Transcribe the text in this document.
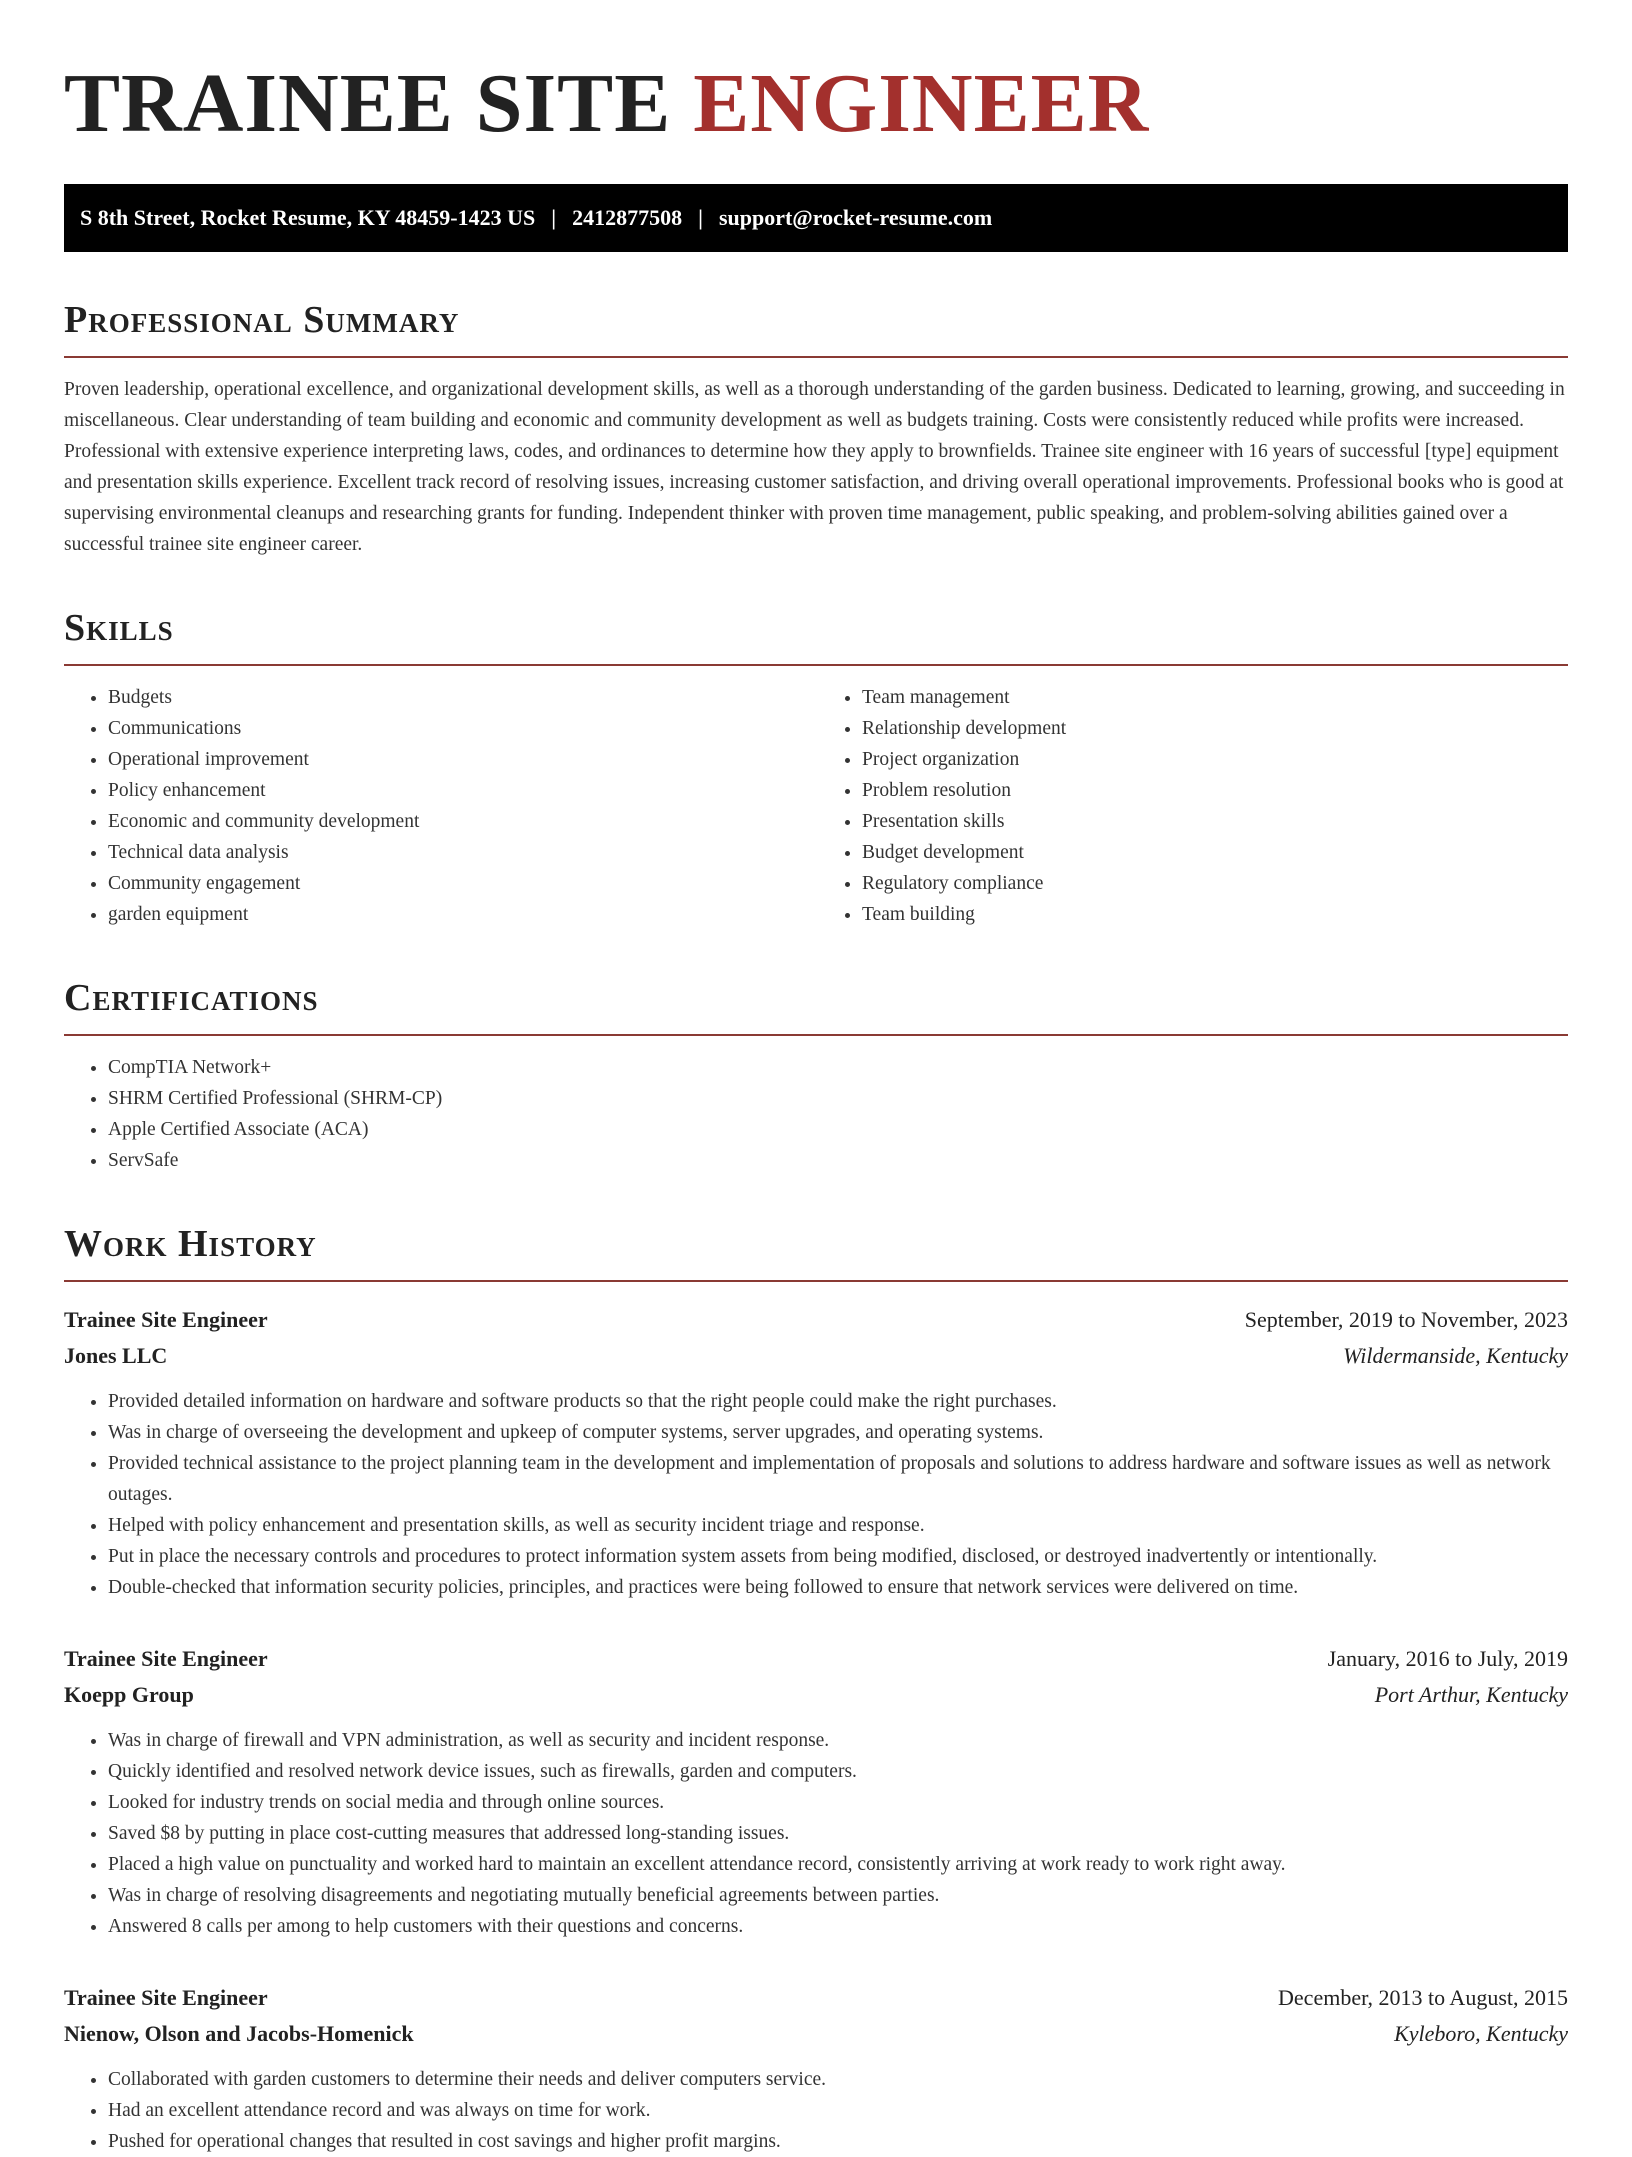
TRAINEE SITE ENGINEER
S 8th Street, Rocket Resume, KY 48459-1423 US | 2412877508 | support@rocket-resume.com
Professional Summary

Proven leadership, operational excellence, and organizational development skills, as well as a thorough understanding of the garden business. Dedicated to learning, growing, and succeeding in miscellaneous. Clear understanding of team building and economic and community development as well as budgets training. Costs were consistently reduced while profits were increased. Professional with extensive experience interpreting laws, codes, and ordinances to determine how they apply to brownfields. Trainee site engineer with 16 years of successful [type] equipment and presentation skills experience. Excellent track record of resolving issues, increasing customer satisfaction, and driving overall operational improvements. Professional books who is good at supervising environmental cleanups and researching grants for funding. Independent thinker with proven time management, public speaking, and problem-solving abilities gained over a successful trainee site engineer career.

Skills
• Budgets
• Communications
• Operational improvement
• Policy enhancement
• Economic and community development
• Technical data analysis
• Community engagement
• garden equipment
• Team management
• Relationship development
• Project organization
• Problem resolution
• Presentation skills
• Budget development
• Regulatory compliance
• Team building
Certifications
• CompTIA Network+
• SHRM Certified Professional (SHRM-CP)
• Apple Certified Associate (ACA)
• ServSafe
Work History
Trainee Site Engineer	September, 2019 to November, 2023
Jones LLC	Wildermanside, Kentucky
• Provided detailed information on hardware and software products so that the right people could make the right purchases.
• Was in charge of overseeing the development and upkeep of computer systems, server upgrades, and operating systems.
• Provided technical assistance to the project planning team in the development and implementation of proposals and solutions to address hardware and software issues as well as network outages.
• Helped with policy enhancement and presentation skills, as well as security incident triage and response.
• Put in place the necessary controls and procedures to protect information system assets from being modified, disclosed, or destroyed inadvertently or intentionally.
• Double-checked that information security policies, principles, and practices were being followed to ensure that network services were delivered on time.
Trainee Site Engineer	January, 2016 to July, 2019
Koepp Group	Port Arthur, Kentucky
• Was in charge of firewall and VPN administration, as well as security and incident response.
• Quickly identified and resolved network device issues, such as firewalls, garden and computers.
• Looked for industry trends on social media and through online sources.
• Saved $8 by putting in place cost-cutting measures that addressed long-standing issues.
• Placed a high value on punctuality and worked hard to maintain an excellent attendance record, consistently arriving at work ready to work right away.
• Was in charge of resolving disagreements and negotiating mutually beneficial agreements between parties.
• Answered 8 calls per among to help customers with their questions and concerns.
Trainee Site Engineer	December, 2013 to August, 2015
Nienow, Olson and Jacobs-Homenick	Kyleboro, Kentucky
• Collaborated with garden customers to determine their needs and deliver computers service.
• Had an excellent attendance record and was always on time for work.
• Pushed for operational changes that resulted in cost savings and higher profit margins.
